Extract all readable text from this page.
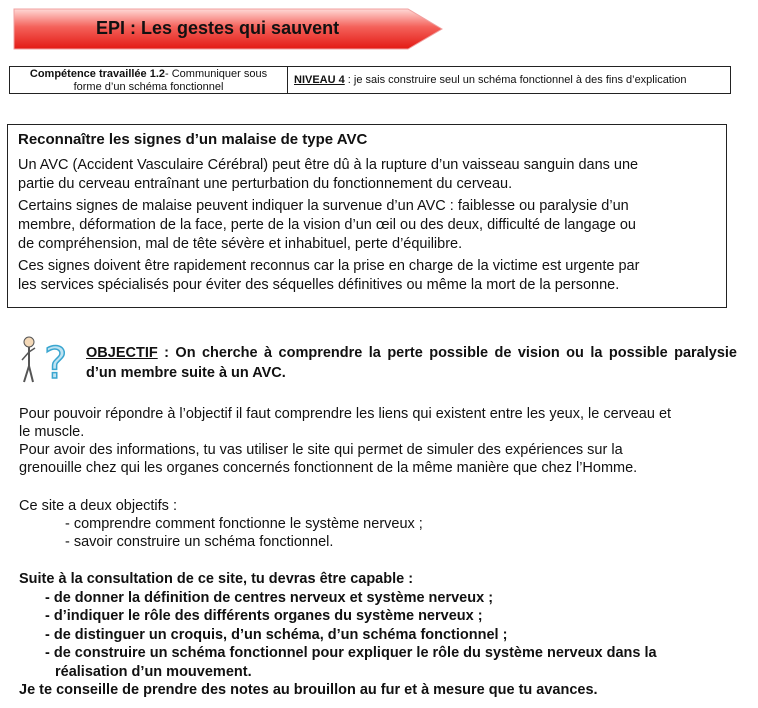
EPI : Les gestes qui sauvent
Compétence travaillée 1.2- Communiquer sous
forme d’un schéma fonctionnel
NIVEAU 4 : je sais construire seul un schéma fonctionnel à des fins d’explication
Reconnaître les signes d’un malaise de type AVC

Un AVC (Accident Vasculaire Cérébral) peut être dû à la rupture d’un vaisseau sanguin dans une
partie du cerveau entraînant une perturbation du fonctionnement du cerveau.

Certains signes de malaise peuvent indiquer la survenue d’un AVC : faiblesse ou paralysie d’un
membre, déformation de la face, perte de la vision d’un œil ou des deux, difficulté de langage ou
de compréhension, mal de tête sévère et inhabituel, perte d’équilibre.

Ces signes doivent être rapidement reconnus car la prise en charge de la victime est urgente par
les services spécialisés pour éviter des séquelles définitives ou même la mort de la personne.

? OBJECTIF : On cherche à comprendre la perte possible de vision ou la possible paralysie d’un membre suite à un AVC.
Pour pouvoir répondre à l’objectif il faut comprendre les liens qui existent entre les yeux, le cerveau et
le muscle.
Pour avoir des informations, tu vas utiliser le site qui permet de simuler des expériences sur la
grenouille chez qui les organes concernés fonctionnent de la même manière que chez l’Homme.
Ce site a deux objectifs :
- comprendre comment fonctionne le système nerveux ;
- savoir construire un schéma fonctionnel.
Suite à la consultation de ce site, tu devras être capable :
- de donner la définition de centres nerveux et système nerveux ;
- d’indiquer le rôle des différents organes du système nerveux ;
- de distinguer un croquis, d’un schéma, d’un schéma fonctionnel ;
- de construire un schéma fonctionnel pour expliquer le rôle du système nerveux dans la
réalisation d’un mouvement.
Je te conseille de prendre des notes au brouillon au fur et à mesure que tu avances.
